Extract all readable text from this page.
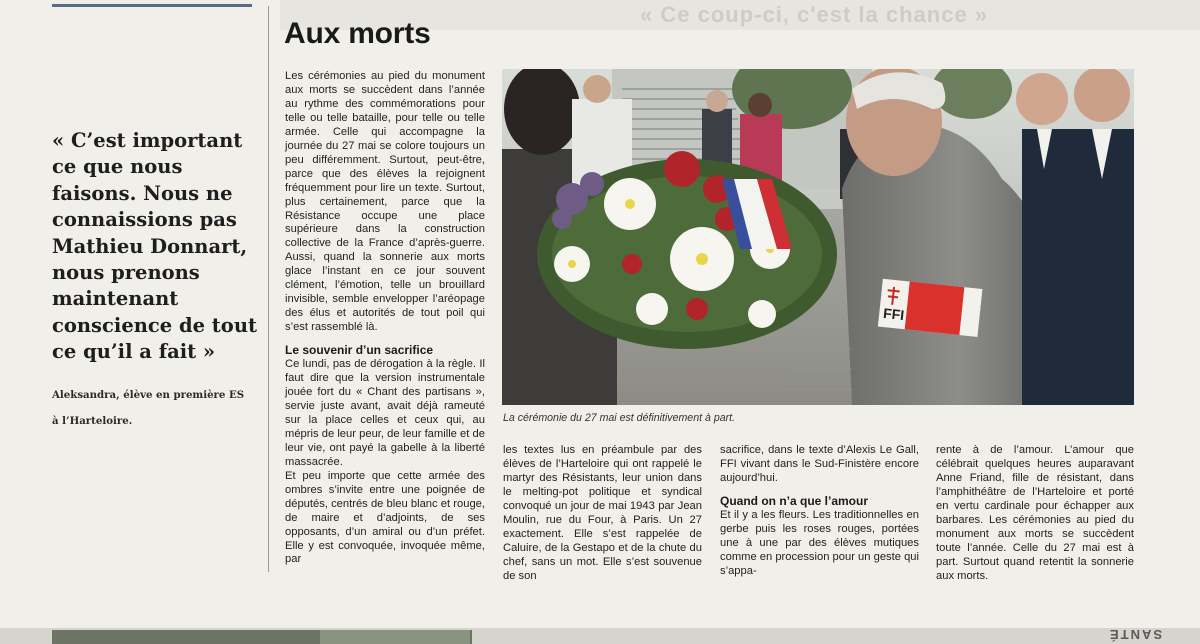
« Ce coup-ci, c'est la chance »
« C’est important ce que nous faisons. Nous ne connaissions pas Mathieu Donnart, nous prenons maintenant conscience de tout ce qu’il a fait »
Aleksandra, élève en première ES
à l’Harteloire.
Aux morts

Les cérémonies au pied du monument aux morts se succèdent dans l’année au rythme des commémorations pour telle ou telle bataille, pour telle ou telle armée. Celle qui accompagne la journée du 27 mai se colore toujours un peu différemment. Surtout, peut-être, parce que des élèves la rejoignent fréquemment pour lire un texte. Surtout, plus certainement, parce que la Résistance occupe une place supérieure dans la construction collective de la France d’après-guerre. Aussi, quand la sonnerie aux morts glace l’instant en ce jour souvent clément, l’émotion, telle un brouillard invisible, semble envelopper l’aréopage des élus et autorités de tout poil qui s’est rassemblé là.

Le souvenir d’un sacrifice

Ce lundi, pas de dérogation à la règle. Il faut dire que la version instrumentale jouée fort du « Chant des partisans », servie juste avant, avait déjà rameuté sur la place celles et ceux qui, au mépris de leur peur, de leur famille et de leur vie, ont payé la gabelle à la liberté massacrée.

Et peu importe que cette armée des ombres s’invite entre une poignée de députés, centrés de bleu blanc et rouge, de maire et d’adjoints, de ses opposants, d’un amiral ou d’un préfet. Elle y est convoquée, invoquée même, par

FFI
La cérémonie du 27 mai est définitivement à part.

les textes lus en préambule par des élèves de l’Harteloire qui ont rappelé le martyr des Résistants, leur union dans le melting-pot politique et syndical convoqué un jour de mai 1943 par Jean Moulin, rue du Four, à Paris. Un 27 exactement. Elle s’est rappelée de Caluire, de la Gestapo et de la chute du chef, sans un mot. Elle s’est souvenue de son

sacrifice, dans le texte d’Alexis Le Gall, FFI vivant dans le Sud-Finistère encore aujourd’hui.

Quand on n’a que l’amour

Et il y a les fleurs. Les traditionnelles en gerbe puis les roses rouges, portées une à une par des élèves mutiques comme en procession pour un geste qui s’appa-

rente à de l’amour. L’amour que célébrait quelques heures auparavant Anne Friand, fille de résistant, dans l’amphithéâtre de l’Harteloire et porté en vertu cardinale pour échapper aux barbares. Les cérémonies au pied du monument aux morts se succèdent toute l’année. Celle du 27 mai est à part. Surtout quand retentit la sonnerie aux morts.

SANTÉ
